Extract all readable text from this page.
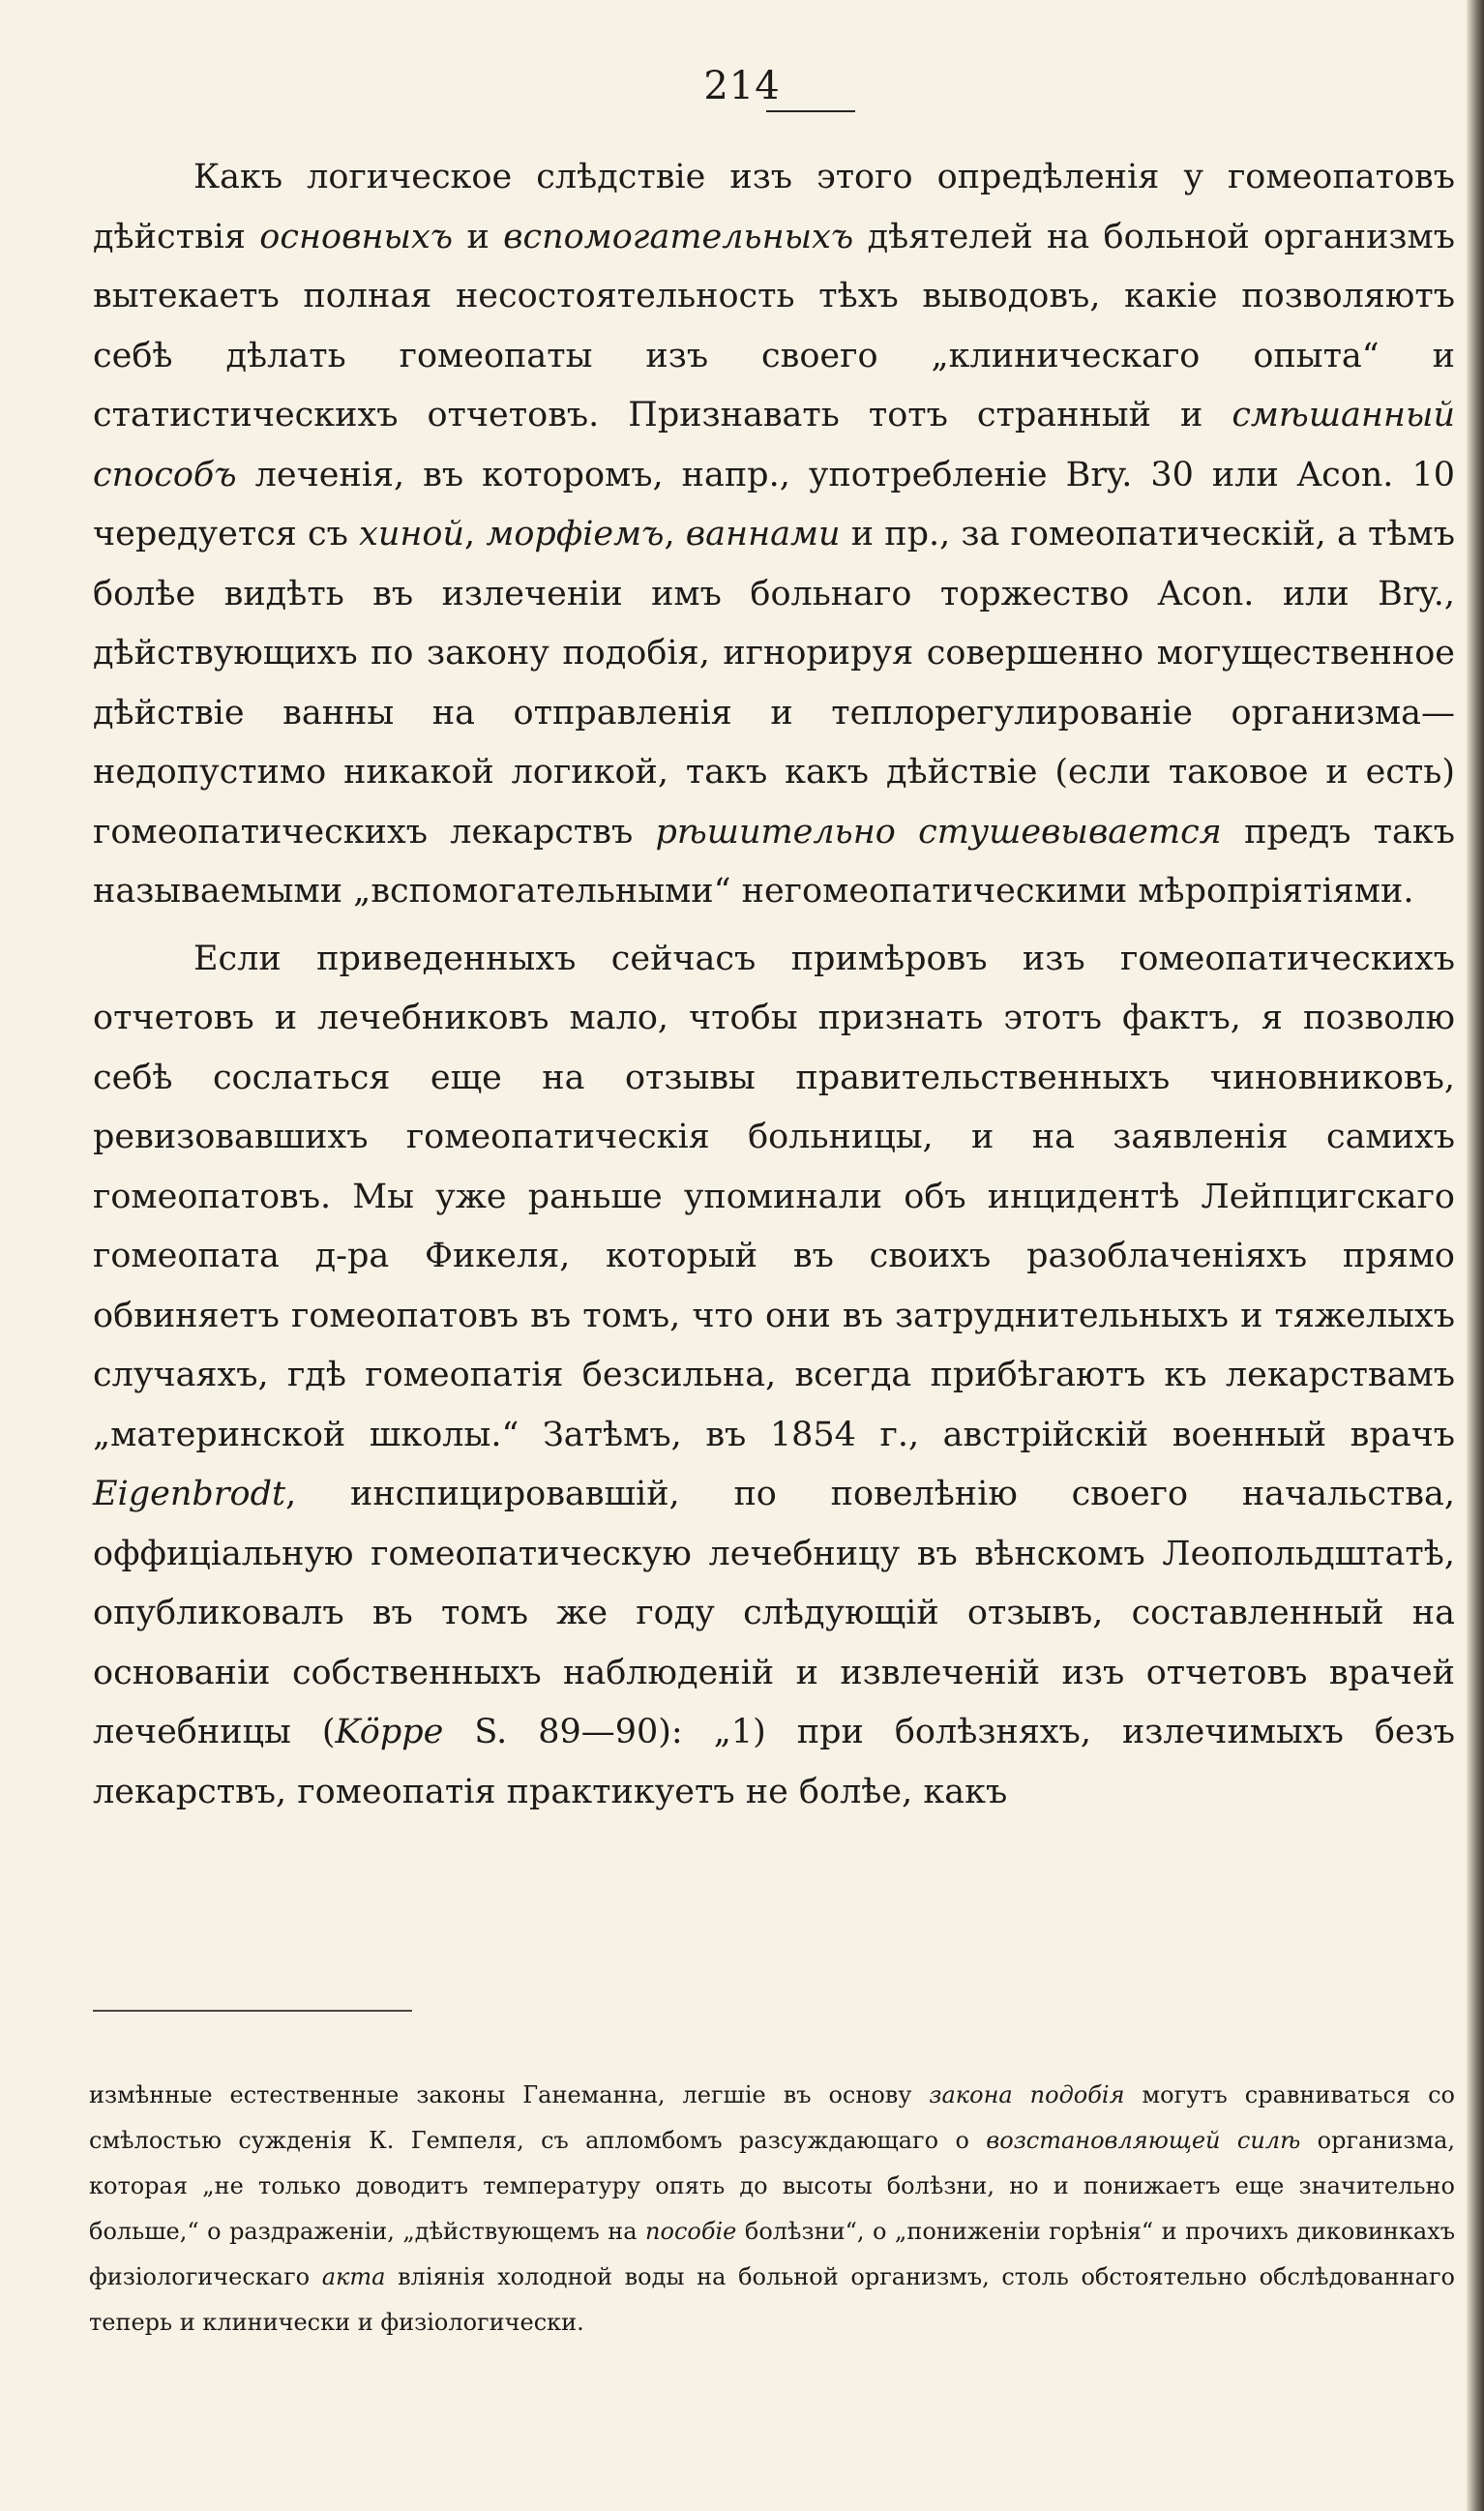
214

Какъ логическое слѣдствіе изъ этого опредѣленія у гомеопатовъ дѣйствія основныхъ и вспомогательныхъ дѣятелей на больной организмъ вытекаетъ полная несостоятельность тѣхъ выводовъ, какіе позволяютъ себѣ дѣлать гомеопаты изъ своего „клиническаго опыта“ и статистическихъ отчетовъ. Признавать тотъ странный и смѣшанный способъ леченія, въ которомъ, напр., употребленіе Bry. 30 или Acon. 10 чередуется съ хиной, морфіемъ, ваннами и пр., за гомеопатическій, а тѣмъ болѣе видѣть въ излеченіи имъ больнаго торжество Acon. или Bry., дѣйствующихъ по закону подобія, игнорируя совершенно могущественное дѣйствіе ванны на отправленія и теплорегулированіе организма—недопустимо никакой логикой, такъ какъ дѣйствіе (если таковое и есть) гомеопатическихъ лекарствъ рѣшительно стушевывается предъ такъ называемыми „вспомогательными“ негомеопатическими мѣропріятіями.

Если приведенныхъ сейчасъ примѣровъ изъ гомеопатическихъ отчетовъ и лечебниковъ мало, чтобы признать этотъ фактъ, я позволю себѣ сослаться еще на отзывы правительственныхъ чиновниковъ, ревизовавшихъ гомеопатическія больницы, и на заявленія самихъ гомеопатовъ. Мы уже раньше упоминали объ инцидентѣ Лейпцигскаго гомеопата д-ра Фикеля, который въ своихъ разоблаченіяхъ прямо обвиняетъ гомеопатовъ въ томъ, что они въ затруднительныхъ и тяжелыхъ случаяхъ, гдѣ гомеопатія безсильна, всегда прибѣгаютъ къ лекарствамъ „материнской школы.“ Затѣмъ, въ 1854 г., австрійскій военный врачъ Eigenbrodt, инспицировавшій, по повелѣнію своего начальства, оффиціальную гомеопатическую лечебницу въ вѣнскомъ Леопольдштатѣ, опубликовалъ въ томъ же году слѣдующій отзывъ, составленный на основаніи собственныхъ наблюденій и извлеченій изъ отчетовъ врачей лечебницы (Köppe S. 89—90): „1) при болѣзняхъ, излечимыхъ безъ лекарствъ, гомеопатія практикуетъ не болѣе, какъ

измѣнные естественные законы Ганеманна, легшіе въ основу закона подобія могутъ сравниваться со смѣлостью сужденія К. Гемпеля, съ апломбомъ разсуждающаго о возстановляющей силѣ организма, которая „не только доводитъ температуру опять до высоты болѣзни, но и понижаетъ еще значительно больше,“ о раздраженіи, „дѣйствующемъ на пособіе болѣзни“, о „пониженіи горѣнія“ и прочихъ диковинкахъ физіологическаго акта вліянія холодной воды на больной организмъ, столь обстоятельно обслѣдованнаго теперь и клинически и физіологически.
